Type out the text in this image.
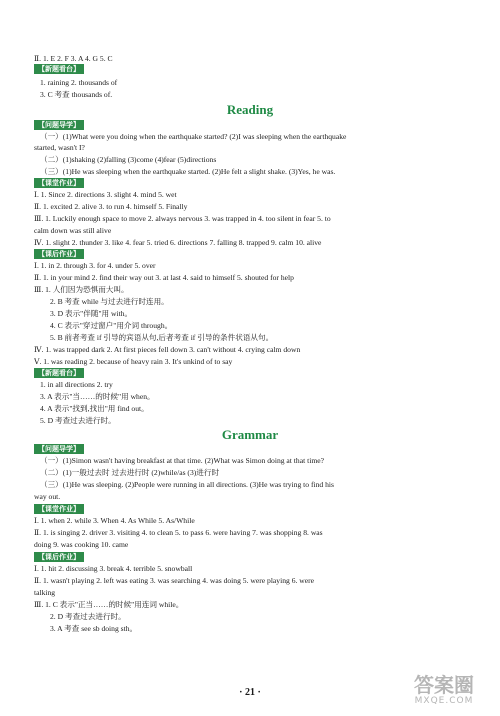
Ⅱ. 1. E 2. F 3. A 4. G 5. C
【新题看台】
1. raining 2. thousands of
3. C 考查 thousands of.
Reading
【问题导学】
（一）(1)What were you doing when the earthquake started? (2)I was sleeping when the earthquake
started, wasn't I?
（二）(1)shaking (2)falling (3)come (4)fear (5)directions
（三）(1)He was sleeping when the earthquake started. (2)He felt a slight shake. (3)Yes, he was.
【课堂作业】
Ⅰ. 1. Since 2. directions 3. slight 4. mind 5. wet
Ⅱ. 1. excited 2. alive 3. to run 4. himself 5. Finally
Ⅲ. 1. Luckily enough space to move 2. always nervous 3. was trapped in 4. too silent in fear 5. to
calm down was still alive
Ⅳ. 1. slight 2. thunder 3. like 4. fear 5. tried 6. directions 7. falling 8. trapped 9. calm 10. alive
【课后作业】
Ⅰ. 1. in 2. through 3. for 4. under 5. over
Ⅱ. 1. in your mind 2. find their way out 3. at last 4. said to himself 5. shouted for help
Ⅲ. 1. 人们因为恐惧而大叫。
2. B 考查 while 与过去进行时连用。
3. D 表示"伴随"用 with。
4. C 表示"穿过窗户"用介词 through。
5. B 前者考查 if 引导的宾语从句,后者考查 if 引导的条件状语从句。
Ⅳ. 1. was trapped dark 2. At first pieces fell down 3. can't without 4. crying calm down
Ⅴ. 1. was reading 2. because of heavy rain 3. It's unkind of to say
【新题看台】
1. in all directions 2. try
3. A 表示"当……的时候"用 when。
4. A 表示"找到,找出"用 find out。
5. D 考查过去进行时。
Grammar
【问题导学】
（一）(1)Simon wasn't having breakfast at that time. (2)What was Simon doing at that time?
（二）(1)一般过去时 过去进行时 (2)while/as (3)进行时
（三）(1)He was sleeping. (2)People were running in all directions. (3)He was trying to find his
way out.
【课堂作业】
Ⅰ. 1. when 2. while 3. When 4. As While 5. As/While
Ⅱ. 1. is singing 2. driver 3. visiting 4. to clean 5. to pass 6. were having 7. was shopping 8. was
doing 9. was cooking 10. came
【课后作业】
Ⅰ. 1. hit 2. discussing 3. break 4. terrible 5. snowball
Ⅱ. 1. wasn't playing 2. left was eating 3. was searching 4. was doing 5. were playing 6. were
talking
Ⅲ. 1. C 表示"正当……的时候"用连词 while。
2. D 考查过去进行时。
3. A 考查 see sb doing sth。
· 21 ·	答案圈
MXQE.COM
